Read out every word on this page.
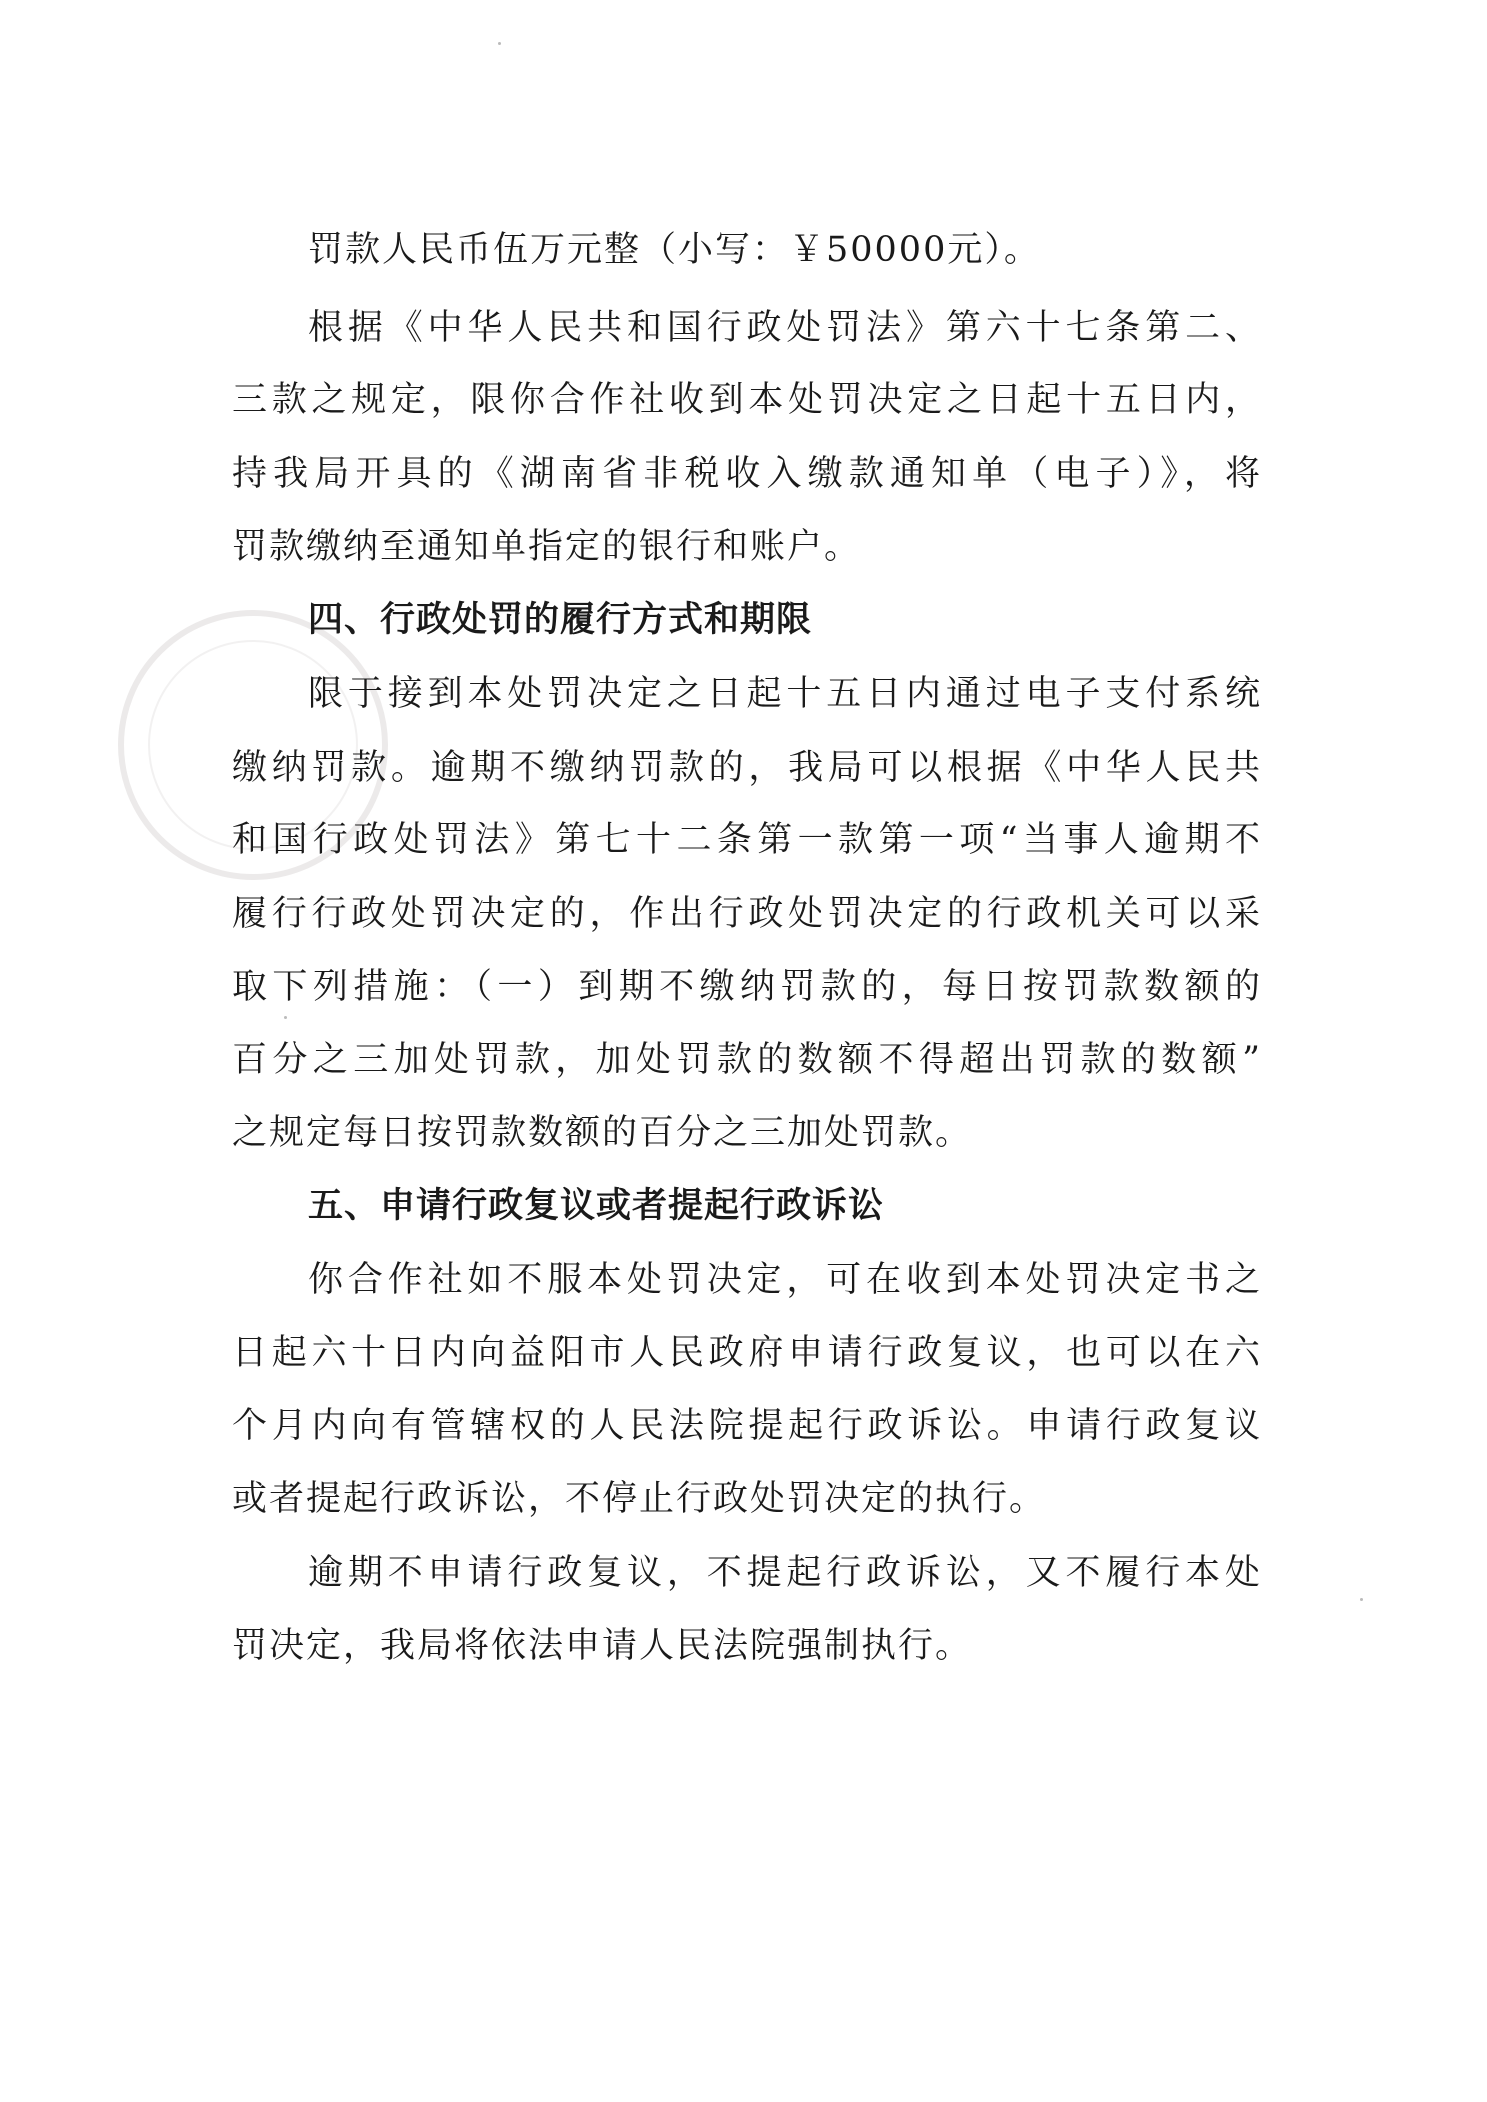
罚款人民币伍万元整（小写：￥50000元）。
根据《中华人民共和国行政处罚法》第六十七条第二、
三款之规定，限你合作社收到本处罚决定之日起十五日内，
持我局开具的《湖南省非税收入缴款通知单（电子）》，将
罚款缴纳至通知单指定的银行和账户。
四、行政处罚的履行方式和期限
限于接到本处罚决定之日起十五日内通过电子支付系统
缴纳罚款。逾期不缴纳罚款的，我局可以根据《中华人民共
和国行政处罚法》第七十二条第一款第一项“当事人逾期不
履行行政处罚决定的，作出行政处罚决定的行政机关可以采
取下列措施：（一）到期不缴纳罚款的，每日按罚款数额的
百分之三加处罚款，加处罚款的数额不得超出罚款的数额”
之规定每日按罚款数额的百分之三加处罚款。
五、申请行政复议或者提起行政诉讼
你合作社如不服本处罚决定，可在收到本处罚决定书之
日起六十日内向益阳市人民政府申请行政复议，也可以在六
个月内向有管辖权的人民法院提起行政诉讼。申请行政复议
或者提起行政诉讼，不停止行政处罚决定的执行。
逾期不申请行政复议，不提起行政诉讼，又不履行本处
罚决定，我局将依法申请人民法院强制执行。
